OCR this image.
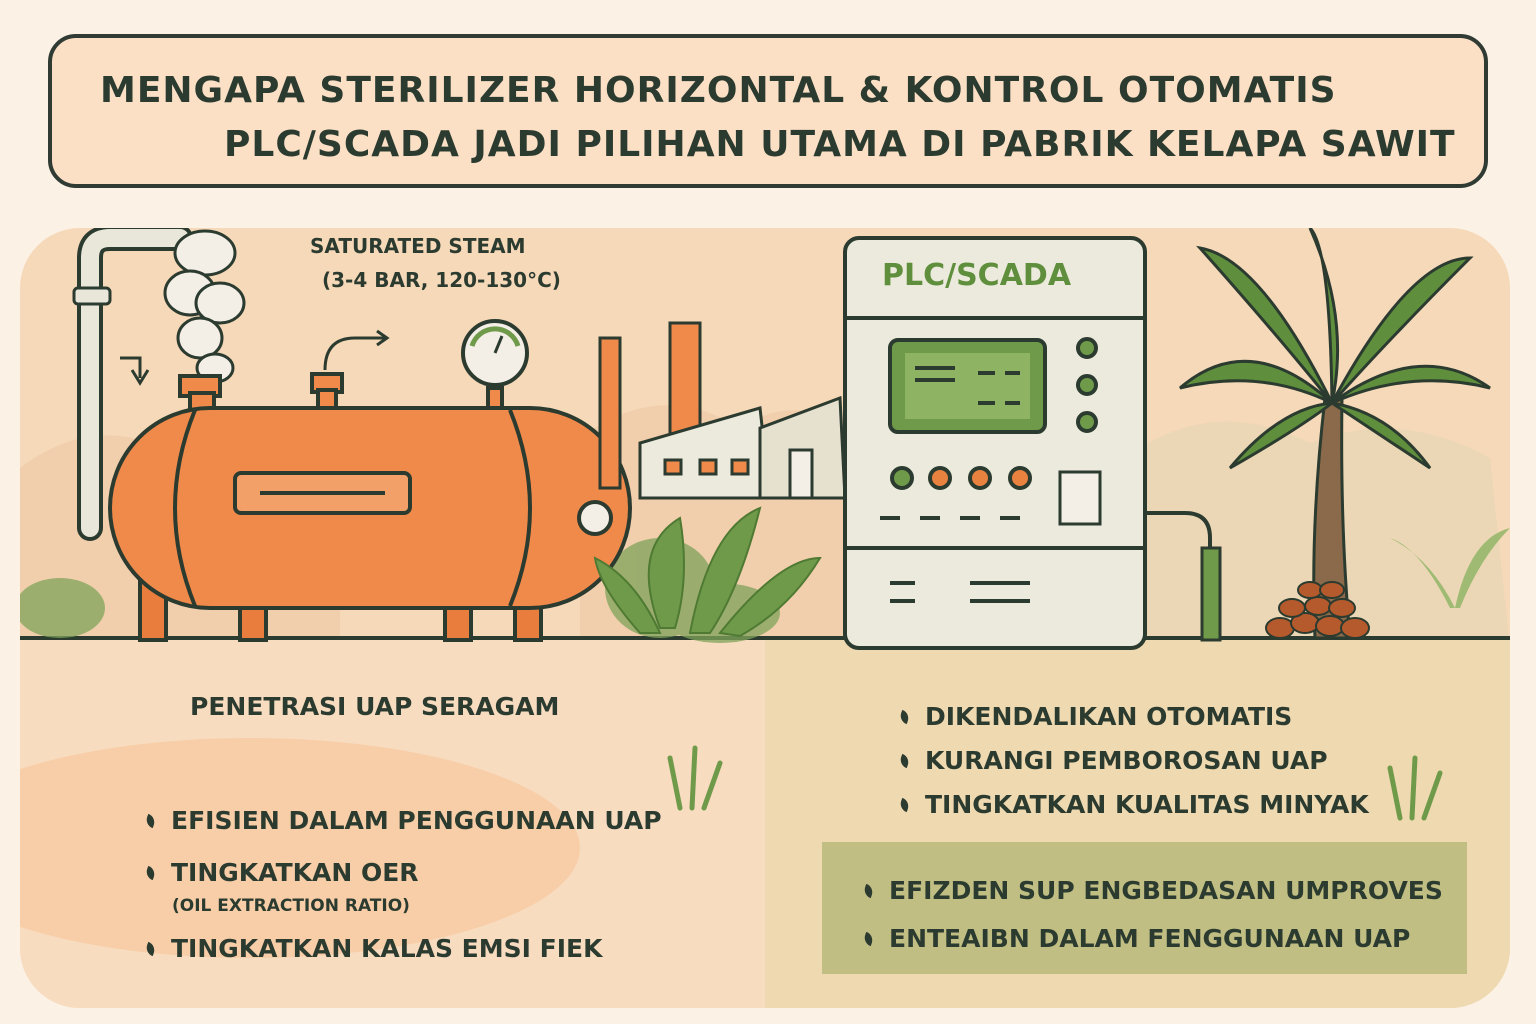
MENGAPA STERILIZER HORIZONTAL & KONTROL OTOMATIS
PLC/SCADA JADI PILIHAN UTAMA DI PABRIK KELAPA SAWIT
SATURATED STEAM
(3-4 BAR, 120-130°C)	PLC/SCADA
PENETRASI UAP SERAGAM
EFISIEN DALAM PENGGUNAAN UAP
TINGKATKAN OER
(OIL EXTRACTION RATIO)
TINGKATKAN KALAS EMSI FIEK
DIKENDALIKAN OTOMATIS
KURANGI PEMBOROSAN UAP
TINGKATKAN KUALITAS MINYAK
EFIZDEN SUP ENGBEDASAN UMPROVES
ENTEAIBN DALAM FENGGUNAAN UAP
